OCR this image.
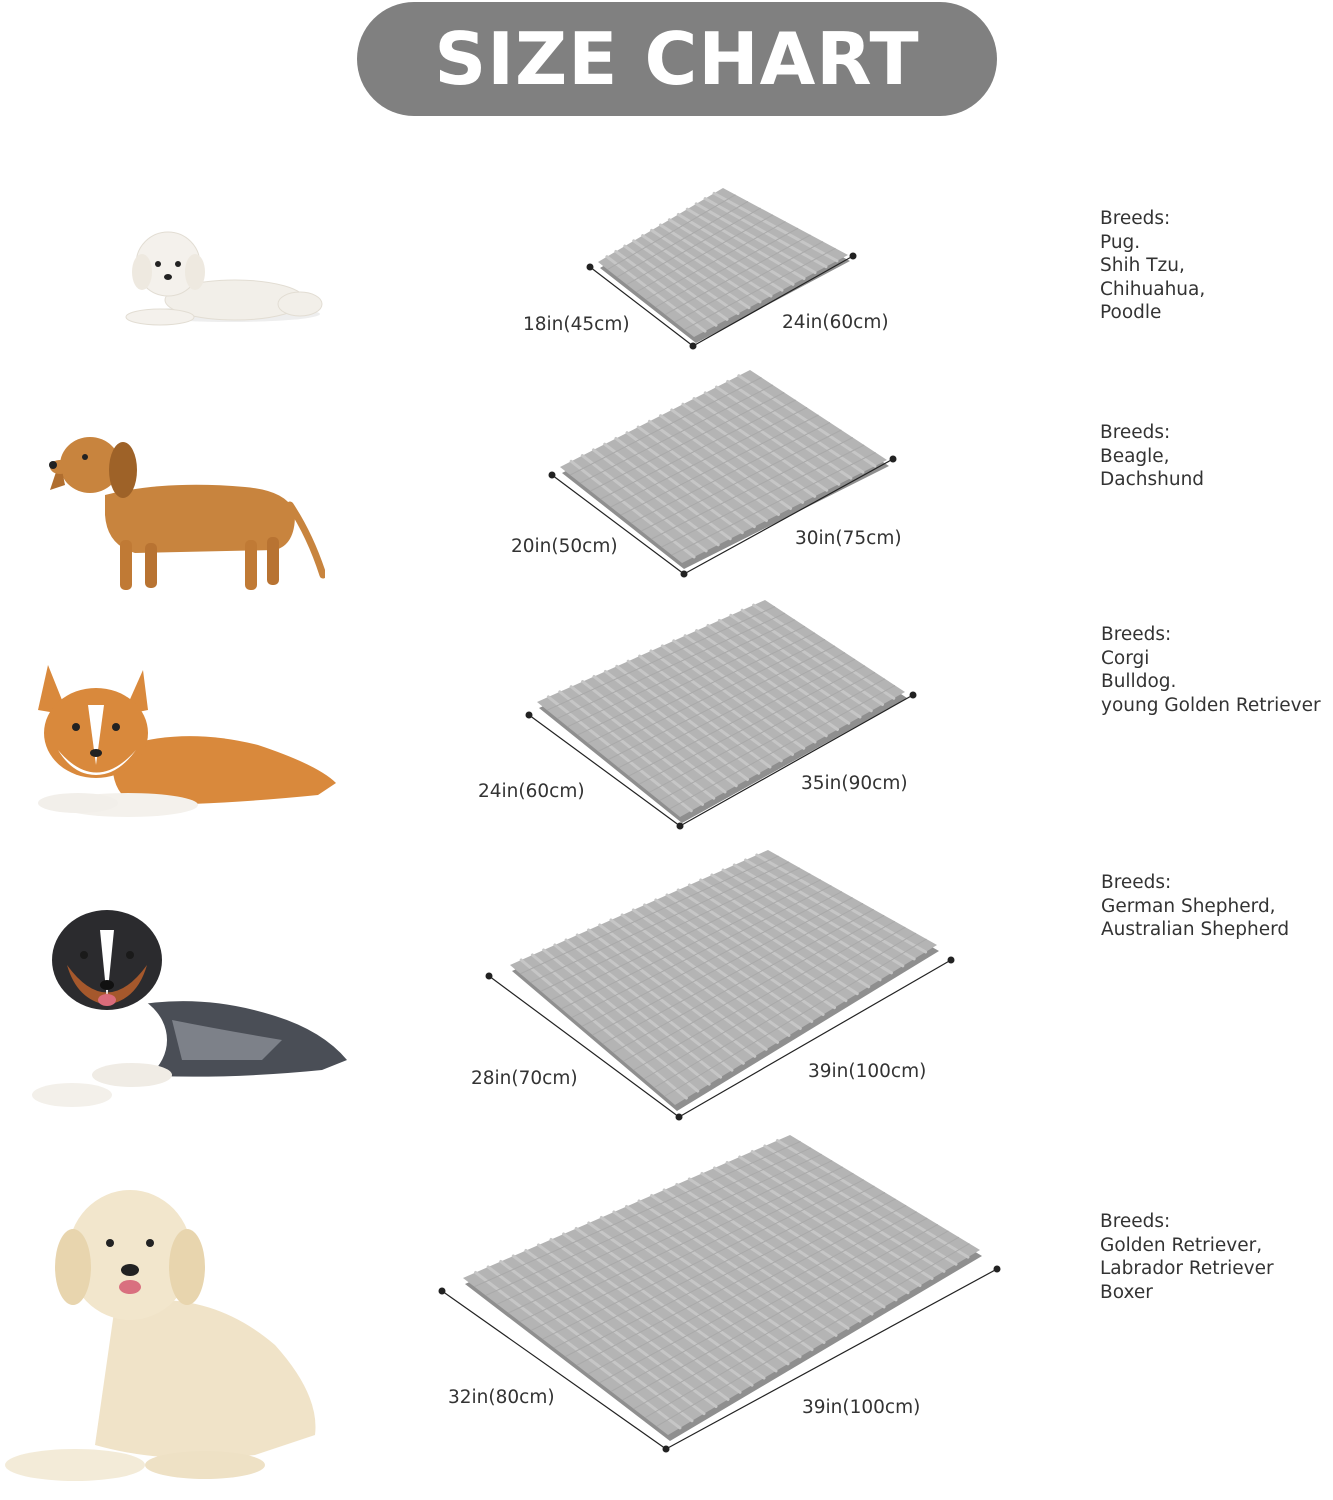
SIZE CHART
18in(45cm)	24in(60cm)
Breeds:
Pug.
Shih Tzu,
Chihuahua,
Poodle
20in(50cm)	30in(75cm)
Breeds:
Beagle,
Dachshund
24in(60cm)	35in(90cm)
Breeds:
Corgi
Bulldog.
young Golden Retriever
28in(70cm)	39in(100cm)
Breeds:
German Shepherd,
Australian Shepherd
32in(80cm)	39in(100cm)
Breeds:
Golden Retriever,
Labrador Retriever
Boxer
